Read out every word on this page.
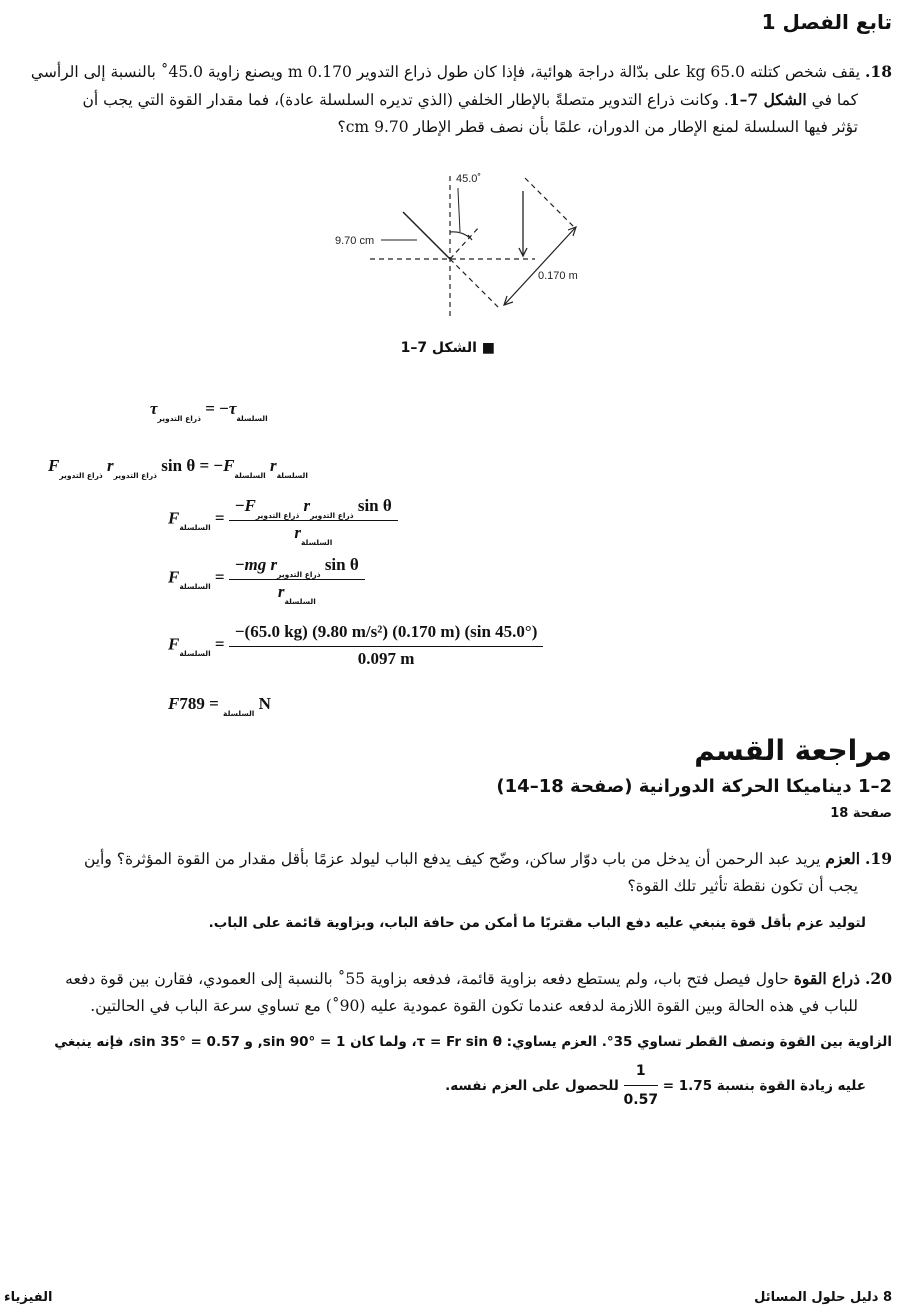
تابع الفصل 1
18. يقف شخص كتلته 65.0 kg على بدّالة دراجة هوائية، فإذا كان طول ذراع التدوير 0.170 m ويصنع زاوية 45.0˚ بالنسبة إلى الرأسي
كما في الشكل 7–1. وكانت ذراع التدوير متصلةً بالإطار الخلفي (الذي تديره السلسلة عادة)، فما مقدار القوة التي يجب أن
تؤثر فيها السلسلة لمنع الإطار من الدوران، علمًا بأن نصف قطر الإطار 9.70 cm؟
45.0˚
9.70 cm
0.170 m
■ الشكل 7–1
$\tau_{ذراع التدوير} = -\tau_{السلسلة}$
$F_{ذراع التدوير}$ $r_{ذراع التدوير}$ $\sin \theta = -F_{السلسلة}$ $r_{السلسلة}$
$F_{السلسلة} = \frac{-F_{ذراع التدوير} r_{ذراع التدوير} \sin \theta}{r_{السلسلة}}$
$F_{السلسلة} = \frac{-mg r_{ذراع التدوير} \sin \theta}{r_{السلسلة}}$
$F_{السلسلة} = \frac{\text{−(65.0 kg) (9.80 m/s²) (0.170 m) (sin 45.0°)}}{0.097 m}$
$F_{السلسلة} = 789$ N
مراجعة القسم
2–1 ديناميكا الحركة الدورانية (صفحة 18–14)
صفحة 18
19. العزم يريد عبد الرحمن أن يدخل من باب دوّار ساكن، وضّح كيف يدفع الباب ليولد عزمًا بأقل مقدار من القوة المؤثرة؟ وأين
يجب أن تكون نقطة تأثير تلك القوة؟
لتوليد عزم بأقل قوة ينبغي عليه دفع الباب مقتربًا ما أمكن من حافة الباب، وبزاوية قائمة على الباب.
20. ذراع القوة حاول فيصل فتح باب، ولم يستطع دفعه بزاوية قائمة، فدفعه بزاوية 55˚ بالنسبة إلى العمودي، فقارن بين قوة دفعه
للباب في هذه الحالة وبين القوة اللازمة لدفعه عندما تكون القوة عمودية عليه (90˚) مع تساوي سرعة الباب في الحالتين.
الزاوية بين القوة ونصف القطر تساوي 35°. العزم يساوي: τ = Fr sin θ، ولما كان sin 90° = 1, و sin 35° = 0.57، فإنه ينبغي
عليه زيادة القوة بنسبة 1.75 =
$\frac{1}{0.57}$
للحصول على العزم نفسه.
الفيزياء	8 دليل حلول المسائل
